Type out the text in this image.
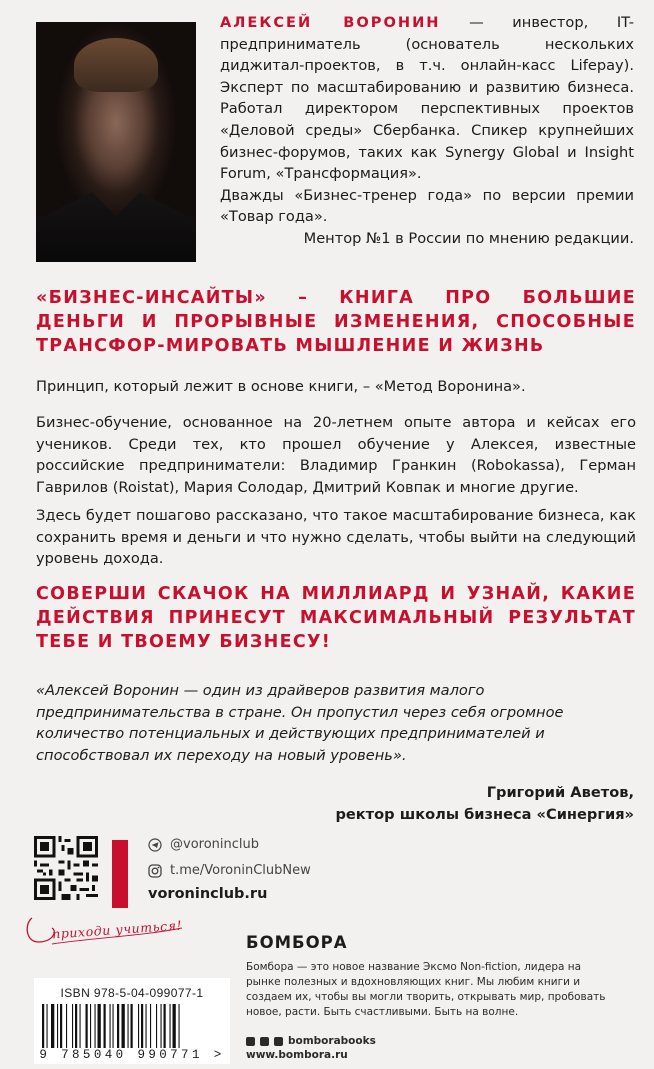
АЛЕКСЕЙ ВОРОНИН — инвестор, IT-предприниматель (основатель нескольких диджитал-проектов, в т.ч. онлайн-касс Lifepay). Эксперт по масштабированию и развитию бизнеса. Работал директором перспективных проектов «Деловой среды» Сбербанка. Спикер крупнейших бизнес-форумов, таких как Synergy Global и Insight Forum, «Трансформация».

Дважды «Бизнес-тренер года» по версии премии «Товар года».

Ментор №1 в России по мнению редакции.

«БИЗНЕС-ИНСАЙТЫ» – КНИГА ПРО БОЛЬШИЕ ДЕНЬГИ И ПРОРЫВНЫЕ ИЗМЕНЕНИЯ, СПОСОБНЫЕ ТРАНСФОР-МИРОВАТЬ МЫШЛЕНИЕ И ЖИЗНЬ

Принцип, который лежит в основе книги, – «Метод Воронина».

Бизнес-обучение, основанное на 20-летнем опыте автора и кейсах его учеников. Среди тех, кто прошел обучение у Алексея, известные российские предприниматели: Владимир Гранкин (Robokassa), Герман Гаврилов (Roistat), Мария Солодар, Дмитрий Ковпак и многие другие.

Здесь будет пошагово рассказано, что такое масштабирование бизнеса, как сохранить время и деньги и что нужно сделать, чтобы выйти на следующий уровень дохода.

СОВЕРШИ СКАЧОК НА МИЛЛИАРД И УЗНАЙ, КАКИЕ ДЕЙСТВИЯ ПРИНЕСУТ МАКСИМАЛЬНЫЙ РЕЗУЛЬТАТ ТЕБЕ И ТВОЕМУ БИЗНЕСУ!

«Алексей Воронин — один из драйверов развития малого предпринимательства в стране. Он пропустил через себя огромное количество потенциальных и действующих предпринимателей и способствовал их переходу на новый уровень».

Григорий Аветов,
ректор школы бизнеса «Синергия»
@voroninclub
t.me/VoroninClubNew
voroninclub.ru
приходи учиться!
БОМБОРА

Бомбора — это новое название Эксмо Non-fiction, лидера на рынке полезных и вдохновляющих книг. Мы любим книги и создаем их, чтобы вы могли творить, открывать мир, пробовать новое, расти. Быть счастливыми. Быть на волне.

bomborabooks
www.bombora.ru
ISBN 978-5-04-099077-1
9 785040 990771 >
